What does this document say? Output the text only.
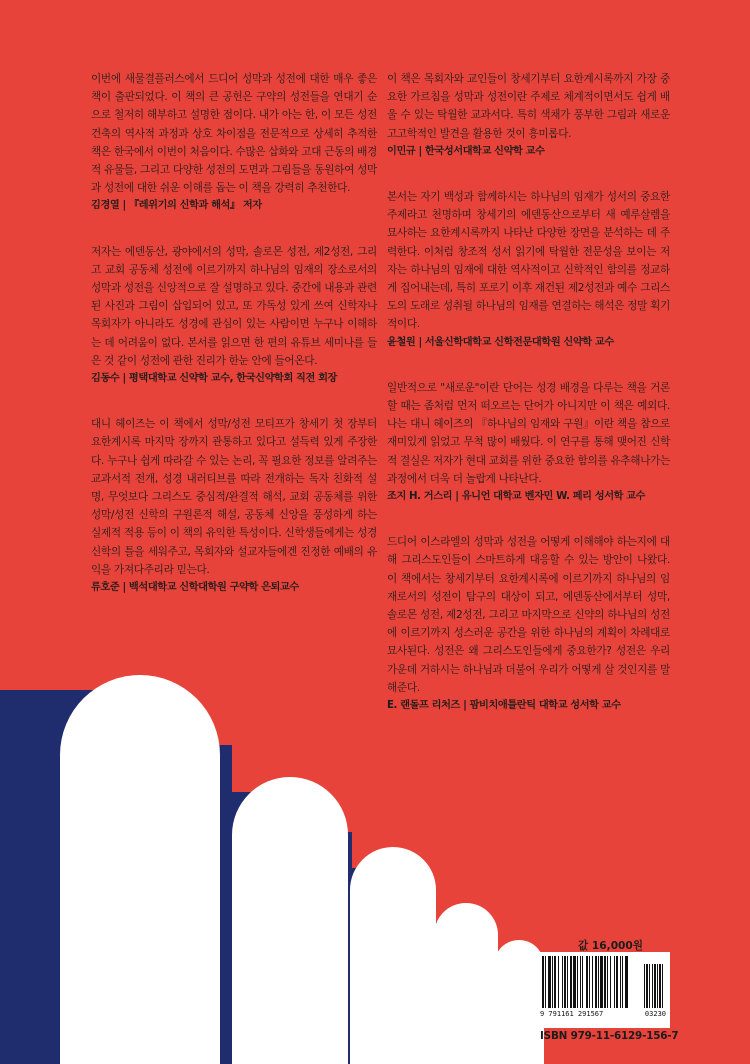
이번에 새물결플러스에서 드디어 성막과 성전에 대한 매우 좋은 책이 출판되었다. 이 책의 큰 공헌은 구약의 성전들을 연대기 순으로 철저히 해부하고 설명한 점이다. 내가 아는 한, 이 모든 성전 건축의 역사적 과정과 상호 차이점을 전문적으로 상세히 추적한 책은 한국에서 이번이 처음이다. 수많은 삽화와 고대 근동의 배경적 유물들, 그리고 다양한 성전의 도면과 그림들을 동원하여 성막과 성전에 대한 쉬운 이해를 돕는 이 책을 강력히 추천한다.

김경열 | 『레위기의 신학과 해석』 저자

저자는 에덴동산, 광야에서의 성막, 솔로몬 성전, 제2성전, 그리고 교회 공동체 성전에 이르기까지 하나님의 임재의 장소로서의 성막과 성전을 신앙적으로 잘 설명하고 있다. 중간에 내용과 관련된 사진과 그림이 삽입되어 있고, 또 가독성 있게 쓰여 신학자나 목회자가 아니라도 성경에 관심이 있는 사람이면 누구나 이해하는 데 어려움이 없다. 본서를 읽으면 한 편의 유튜브 세미나를 들은 것 같이 성전에 관한 진리가 한눈 안에 들어온다.

김동수 | 평택대학교 신약학 교수, 한국신약학회 직전 회장

대니 헤이즈는 이 책에서 성막/성전 모티프가 창세기 첫 장부터 요한계시록 마지막 장까지 관통하고 있다고 설득력 있게 주장한다. 누구나 쉽게 따라갈 수 있는 논리, 꼭 필요한 정보를 알려주는 교과서적 전개, 성경 내러티브를 따라 전개하는 독자 친화적 설명, 무엇보다 그리스도 중심적/완결적 해석, 교회 공동체를 위한 성막/성전 신학의 구원론적 해설, 공동체 신앙을 풍성하게 하는 실제적 적용 등이 이 책의 유익한 특성이다. 신학생들에게는 성경신학의 틀을 세워주고, 목회자와 설교자들에겐 진정한 예배의 유익을 가져다주리라 믿는다.

류호준 | 백석대학교 신학대학원 구약학 은퇴교수

이 책은 목회자와 교인들이 창세기부터 요한계시록까지 가장 중요한 가르침을 성막과 성전이란 주제로 체계적이면서도 쉽게 배울 수 있는 탁월한 교과서다. 특히 색채가 풍부한 그림과 새로운 고고학적인 발견을 활용한 것이 흥미롭다.

이민규 | 한국성서대학교 신약학 교수

본서는 자기 백성과 함께하시는 하나님의 임재가 성서의 중요한 주제라고 천명하며 창세기의 에덴동산으로부터 새 예루살렘을 묘사하는 요한계시록까지 나타난 다양한 장면을 분석하는 데 주력한다. 이처럼 창조적 성서 읽기에 탁월한 전문성을 보이는 저자는 하나님의 임재에 대한 역사적이고 신학적인 함의를 정교하게 집어내는데, 특히 포로기 이후 재건된 제2성전과 예수 그리스도의 도래로 성취될 하나님의 임재를 연결하는 해석은 정말 획기적이다.

윤철원 | 서울신학대학교 신학전문대학원 신약학 교수

일반적으로 "새로운"이란 단어는 성경 배경을 다루는 책을 거론할 때는 좀처럼 먼저 떠오르는 단어가 아니지만 이 책은 예외다. 나는 대니 헤이즈의 『하나님의 임재와 구원』이란 책을 참으로 재미있게 읽었고 무척 많이 배웠다. 이 연구를 통해 맺어진 신학적 결실은 저자가 현대 교회를 위한 중요한 함의를 유추해나가는 과정에서 더욱 더 놀랍게 나타난다.

조지 H. 거스리 | 유니언 대학교 벤자민 W. 페리 성서학 교수

드디어 이스라엘의 성막과 성전을 어떻게 이해해야 하는지에 대해 그리스도인들이 스마트하게 대응할 수 있는 방안이 나왔다. 이 책에서는 창세기부터 요한계시록에 이르기까지 하나님의 임재로서의 성전이 탐구의 대상이 되고, 에덴동산에서부터 성막, 솔로몬 성전, 제2성전, 그리고 마지막으로 신약의 하나님의 성전에 이르기까지 성스러운 공간을 위한 하나님의 계획이 차례대로 묘사된다. 성전은 왜 그리스도인들에게 중요한가? 성전은 우리 가운데 거하시는 하나님과 더불어 우리가 어떻게 살 것인지를 말해준다.

E. 랜돌프 리처즈 | 팜비치애틀란틱 대학교 성서학 교수

값 16,000원
9 791161 291567	03230
ISBN 979-11-6129-156-7
